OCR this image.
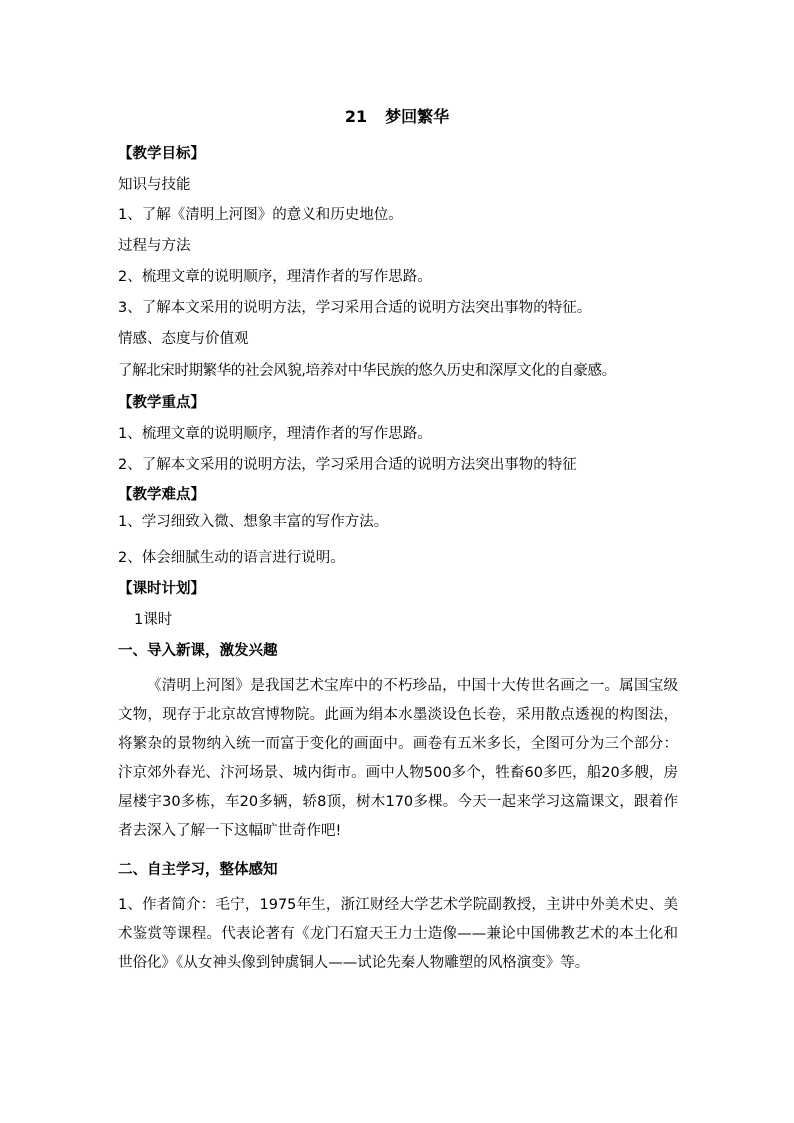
21 梦回繁华

【教学目标】

知识与技能

1、了解《清明上河图》的意义和历史地位。

过程与方法

2、梳理文章的说明顺序，理清作者的写作思路。

3、了解本文采用的说明方法，学习采用合适的说明方法突出事物的特征。

情感、态度与价值观

了解北宋时期繁华的社会风貌,培养对中华民族的悠久历史和深厚文化的自豪感。

【教学重点】

1、梳理文章的说明顺序，理清作者的写作思路。

2、了解本文采用的说明方法，学习采用合适的说明方法突出事物的特征

【教学难点】

1、学习细致入微、想象丰富的写作方法。

2、体会细腻生动的语言进行说明。

【课时计划】

1课时

一、导入新课，激发兴趣

《清明上河图》是我国艺术宝库中的不朽珍品，中国十大传世名画之一。属国宝级文物，现存于北京故宫博物院。此画为绢本水墨淡设色长卷，采用散点透视的构图法，将繁杂的景物纳入统一而富于变化的画面中。画卷有五米多长，全图可分为三个部分：汴京郊外春光、汴河场景、城内街市。画中人物500多个，牲畜60多匹，船20多艘，房屋楼宇30多栋，车20多辆，轿8顶，树木170多棵。今天一起来学习这篇课文，跟着作者去深入了解一下这幅旷世奇作吧!

二、自主学习，整体感知

1、作者简介：毛宁，1975年生，浙江财经大学艺术学院副教授，主讲中外美术史、美术鉴赏等课程。代表论著有《龙门石窟天王力士造像——兼论中国佛教艺术的本土化和世俗化》《从女神头像到钟虡铜人——试论先秦人物雕塑的风格演变》等。
